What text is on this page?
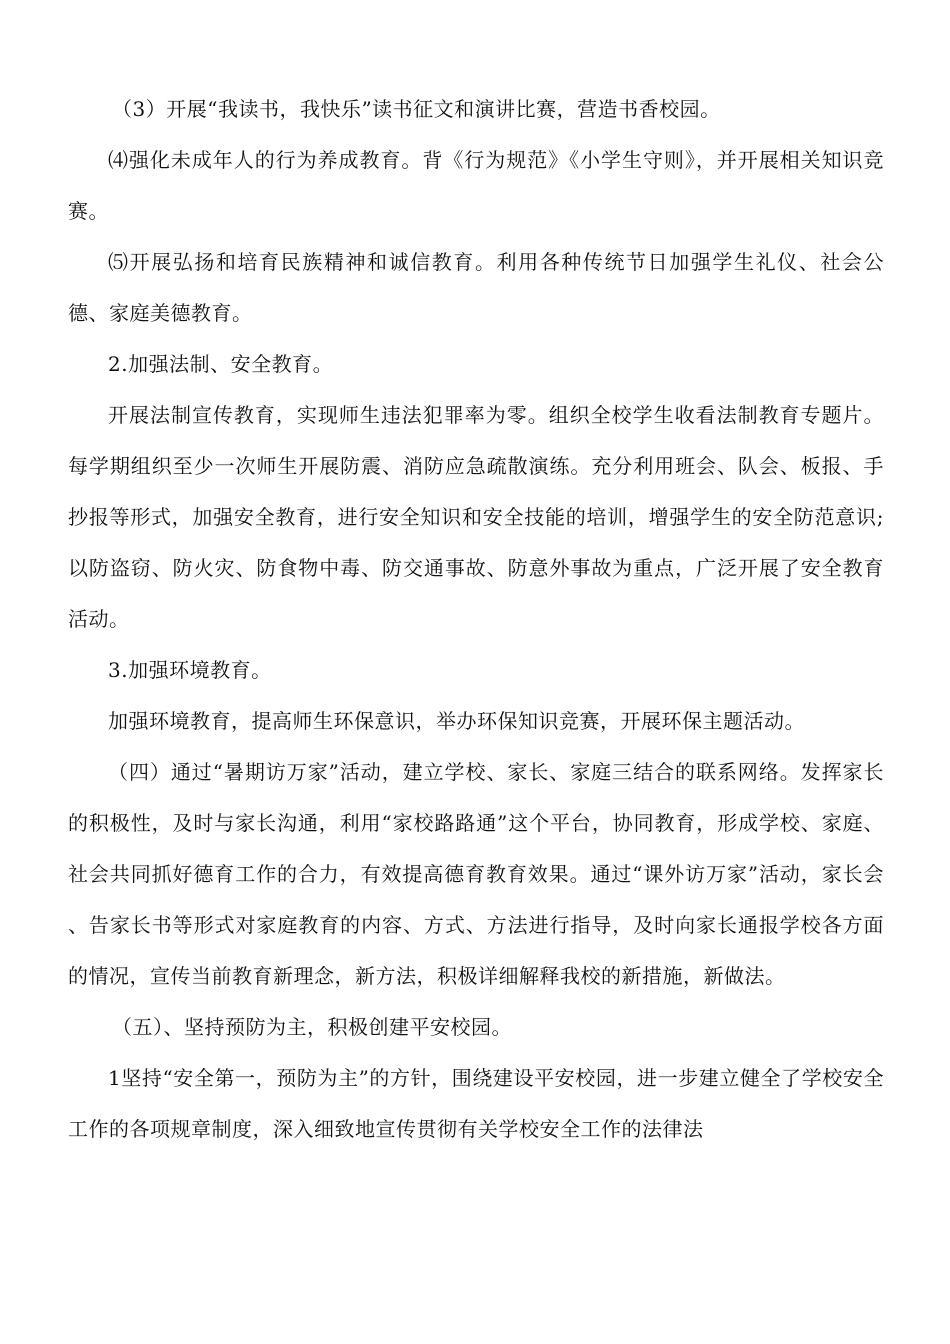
（3）开展“我读书，我快乐”读书征文和演讲比赛，营造书香校园。

⑷强化未成年人的行为养成教育。背《行为规范》《小学生守则》，并开展相关知识竞赛。

⑸开展弘扬和培育民族精神和诚信教育。利用各种传统节日加强学生礼仪、社会公德、家庭美德教育。

2.加强法制、安全教育。

开展法制宣传教育，实现师生违法犯罪率为零。组织全校学生收看法制教育专题片。每学期组织至少一次师生开展防震、消防应急疏散演练。充分利用班会、队会、板报、手抄报等形式，加强安全教育，进行安全知识和安全技能的培训，增强学生的安全防范意识;以防盗窃、防火灾、防食物中毒、防交通事故、防意外事故为重点，广泛开展了安全教育活动。

3.加强环境教育。

加强环境教育，提高师生环保意识，举办环保知识竞赛，开展环保主题活动。

（四）通过“暑期访万家”活动，建立学校、家长、家庭三结合的联系网络。发挥家长的积极性，及时与家长沟通，利用“家校路路通”这个平台，协同教育，形成学校、家庭、社会共同抓好德育工作的合力，有效提高德育教育效果。通过“课外访万家”活动，家长会 、告家长书等形式对家庭教育的内容、方式、方法进行指导，及时向家长通报学校各方面的情况，宣传当前教育新理念，新方法，积极详细解释我校的新措施，新做法。

（五）、坚持预防为主，积极创建平安校园。

1坚持“安全第一，预防为主”的方针，围绕建设平安校园，进一步建立健全了学校安全工作的各项规章制度，深入细致地宣传贯彻有关学校安全工作的法律法
